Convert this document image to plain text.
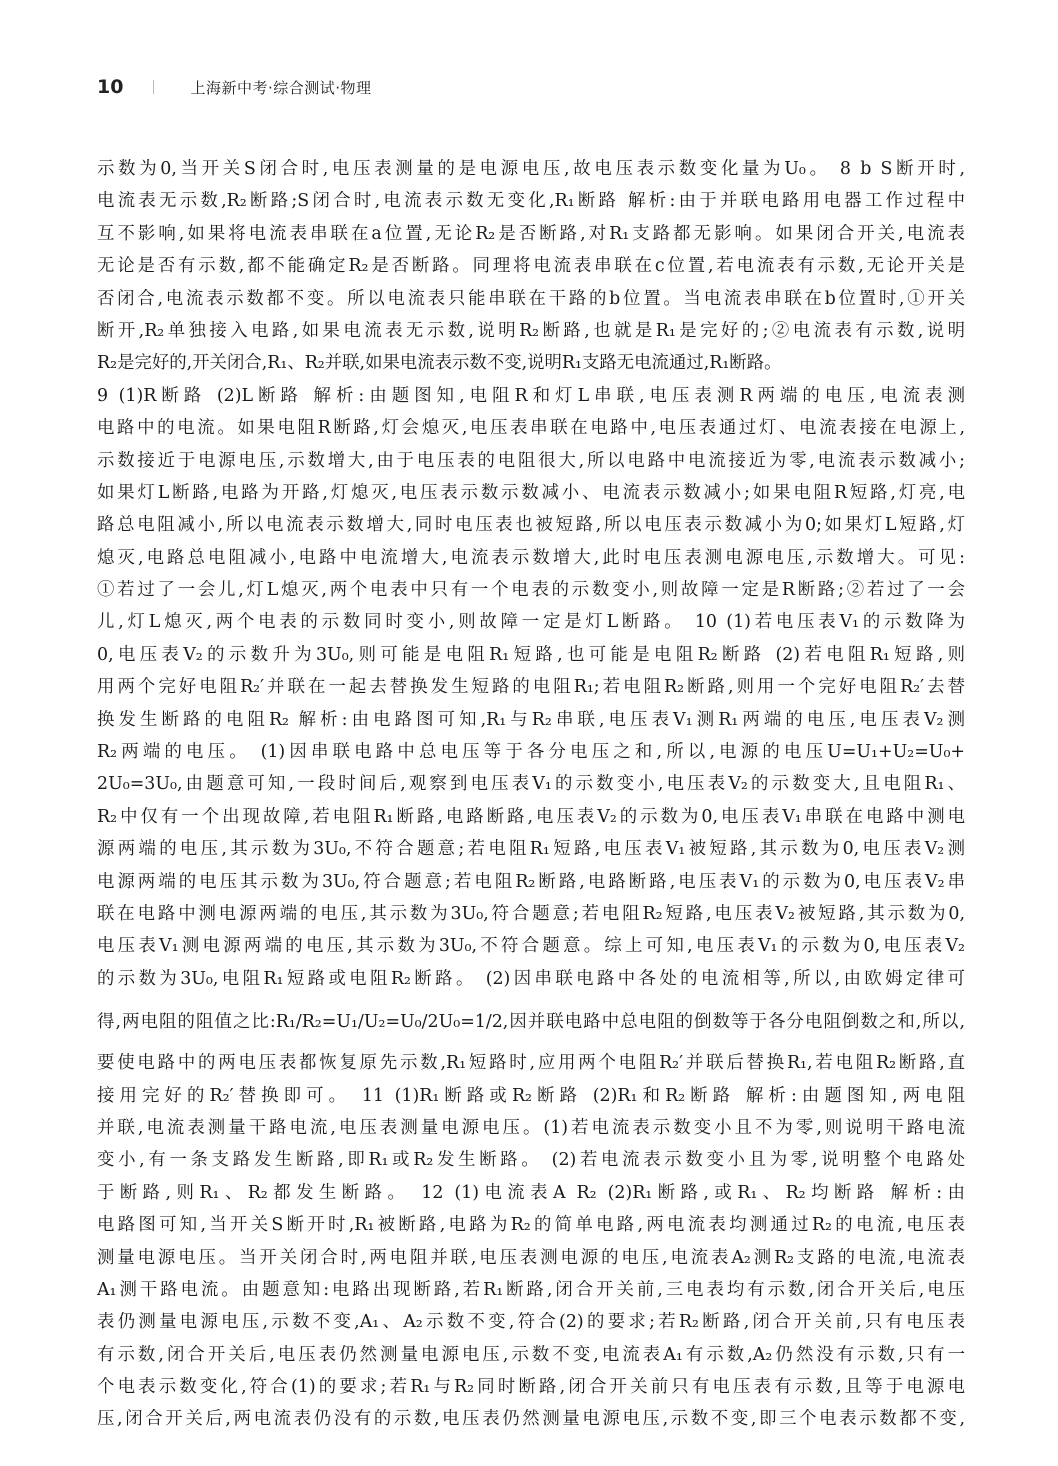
10	上海新中考·综合测试·物理
示数为0,当开关S闭合时,电压表测量的是电源电压,故电压表示数变化量为U₀。 8 b S断开时,
电流表无示数,R₂断路;S闭合时,电流表示数无变化,R₁断路 解析:由于并联电路用电器工作过程中
互不影响,如果将电流表串联在a位置,无论R₂是否断路,对R₁支路都无影响。如果闭合开关,电流表
无论是否有示数,都不能确定R₂是否断路。同理将电流表串联在c位置,若电流表有示数,无论开关是
否闭合,电流表示数都不变。所以电流表只能串联在干路的b位置。当电流表串联在b位置时,①开关
断开,R₂单独接入电路,如果电流表无示数,说明R₂断路,也就是R₁是完好的;②电流表有示数,说明
R₂是完好的,开关闭合,R₁、R₂并联,如果电流表示数不变,说明R₁支路无电流通过,R₁断路。
9 (1)R断路 (2)L断路 解析:由题图知,电阻R和灯L串联,电压表测R两端的电压,电流表测
电路中的电流。如果电阻R断路,灯会熄灭,电压表串联在电路中,电压表通过灯、电流表接在电源上,
示数接近于电源电压,示数增大,由于电压表的电阻很大,所以电路中电流接近为零,电流表示数减小;
如果灯L断路,电路为开路,灯熄灭,电压表示数示数减小、电流表示数减小;如果电阻R短路,灯亮,电
路总电阻减小,所以电流表示数增大,同时电压表也被短路,所以电压表示数减小为0;如果灯L短路,灯
熄灭,电路总电阻减小,电路中电流增大,电流表示数增大,此时电压表测电源电压,示数增大。可见:
①若过了一会儿,灯L熄灭,两个电表中只有一个电表的示数变小,则故障一定是R断路;②若过了一会
儿,灯L熄灭,两个电表的示数同时变小,则故障一定是灯L断路。 10 (1)若电压表V₁的示数降为
0,电压表V₂的示数升为3U₀,则可能是电阻R₁短路,也可能是电阻R₂断路 (2)若电阻R₁短路,则
用两个完好电阻R₂′并联在一起去替换发生短路的电阻R₁;若电阻R₂断路,则用一个完好电阻R₂′去替
换发生断路的电阻R₂ 解析:由电路图可知,R₁与R₂串联,电压表V₁测R₁两端的电压,电压表V₂测
R₂两端的电压。 (1)因串联电路中总电压等于各分电压之和,所以,电源的电压U=U₁+U₂=U₀+
2U₀=3U₀,由题意可知,一段时间后,观察到电压表V₁的示数变小,电压表V₂的示数变大,且电阻R₁、
R₂中仅有一个出现故障,若电阻R₁断路,电路断路,电压表V₂的示数为0,电压表V₁串联在电路中测电
源两端的电压,其示数为3U₀,不符合题意;若电阻R₁短路,电压表V₁被短路,其示数为0,电压表V₂测
电源两端的电压其示数为3U₀,符合题意;若电阻R₂断路,电路断路,电压表V₁的示数为0,电压表V₂串
联在电路中测电源两端的电压,其示数为3U₀,符合题意;若电阻R₂短路,电压表V₂被短路,其示数为0,
电压表V₁测电源两端的电压,其示数为3U₀,不符合题意。综上可知,电压表V₁的示数为0,电压表V₂
的示数为3U₀,电阻R₁短路或电阻R₂断路。 (2)因串联电路中各处的电流相等,所以,由欧姆定律可
得,两电阻的阻值之比:R₁/R₂=U₁/U₂=U₀/2U₀=1/2,因并联电路中总电阻的倒数等于各分电阻倒数之和,所以,
要使电路中的两电压表都恢复原先示数,R₁短路时,应用两个电阻R₂′并联后替换R₁,若电阻R₂断路,直
接用完好的R₂′替换即可。 11 (1)R₁断路或R₂断路 (2)R₁和R₂断路 解析:由题图知,两电阻
并联,电流表测量干路电流,电压表测量电源电压。(1)若电流表示数变小且不为零,则说明干路电流
变小,有一条支路发生断路,即R₁或R₂发生断路。 (2)若电流表示数变小且为零,说明整个电路处
于断路,则R₁、R₂都发生断路。 12 (1)电流表A R₂ (2)R₁断路,或R₁、R₂均断路 解析:由
电路图可知,当开关S断开时,R₁被断路,电路为R₂的简单电路,两电流表均测通过R₂的电流,电压表
测量电源电压。当开关闭合时,两电阻并联,电压表测电源的电压,电流表A₂测R₂支路的电流,电流表
A₁测干路电流。由题意知:电路出现断路,若R₁断路,闭合开关前,三电表均有示数,闭合开关后,电压
表仍测量电源电压,示数不变,A₁、A₂示数不变,符合(2)的要求;若R₂断路,闭合开关前,只有电压表
有示数,闭合开关后,电压表仍然测量电源电压,示数不变,电流表A₁有示数,A₂仍然没有示数,只有一
个电表示数变化,符合(1)的要求;若R₁与R₂同时断路,闭合开关前只有电压表有示数,且等于电源电
压,闭合开关后,两电流表仍没有的示数,电压表仍然测量电源电压,示数不变,即三个电表示数都不变,
